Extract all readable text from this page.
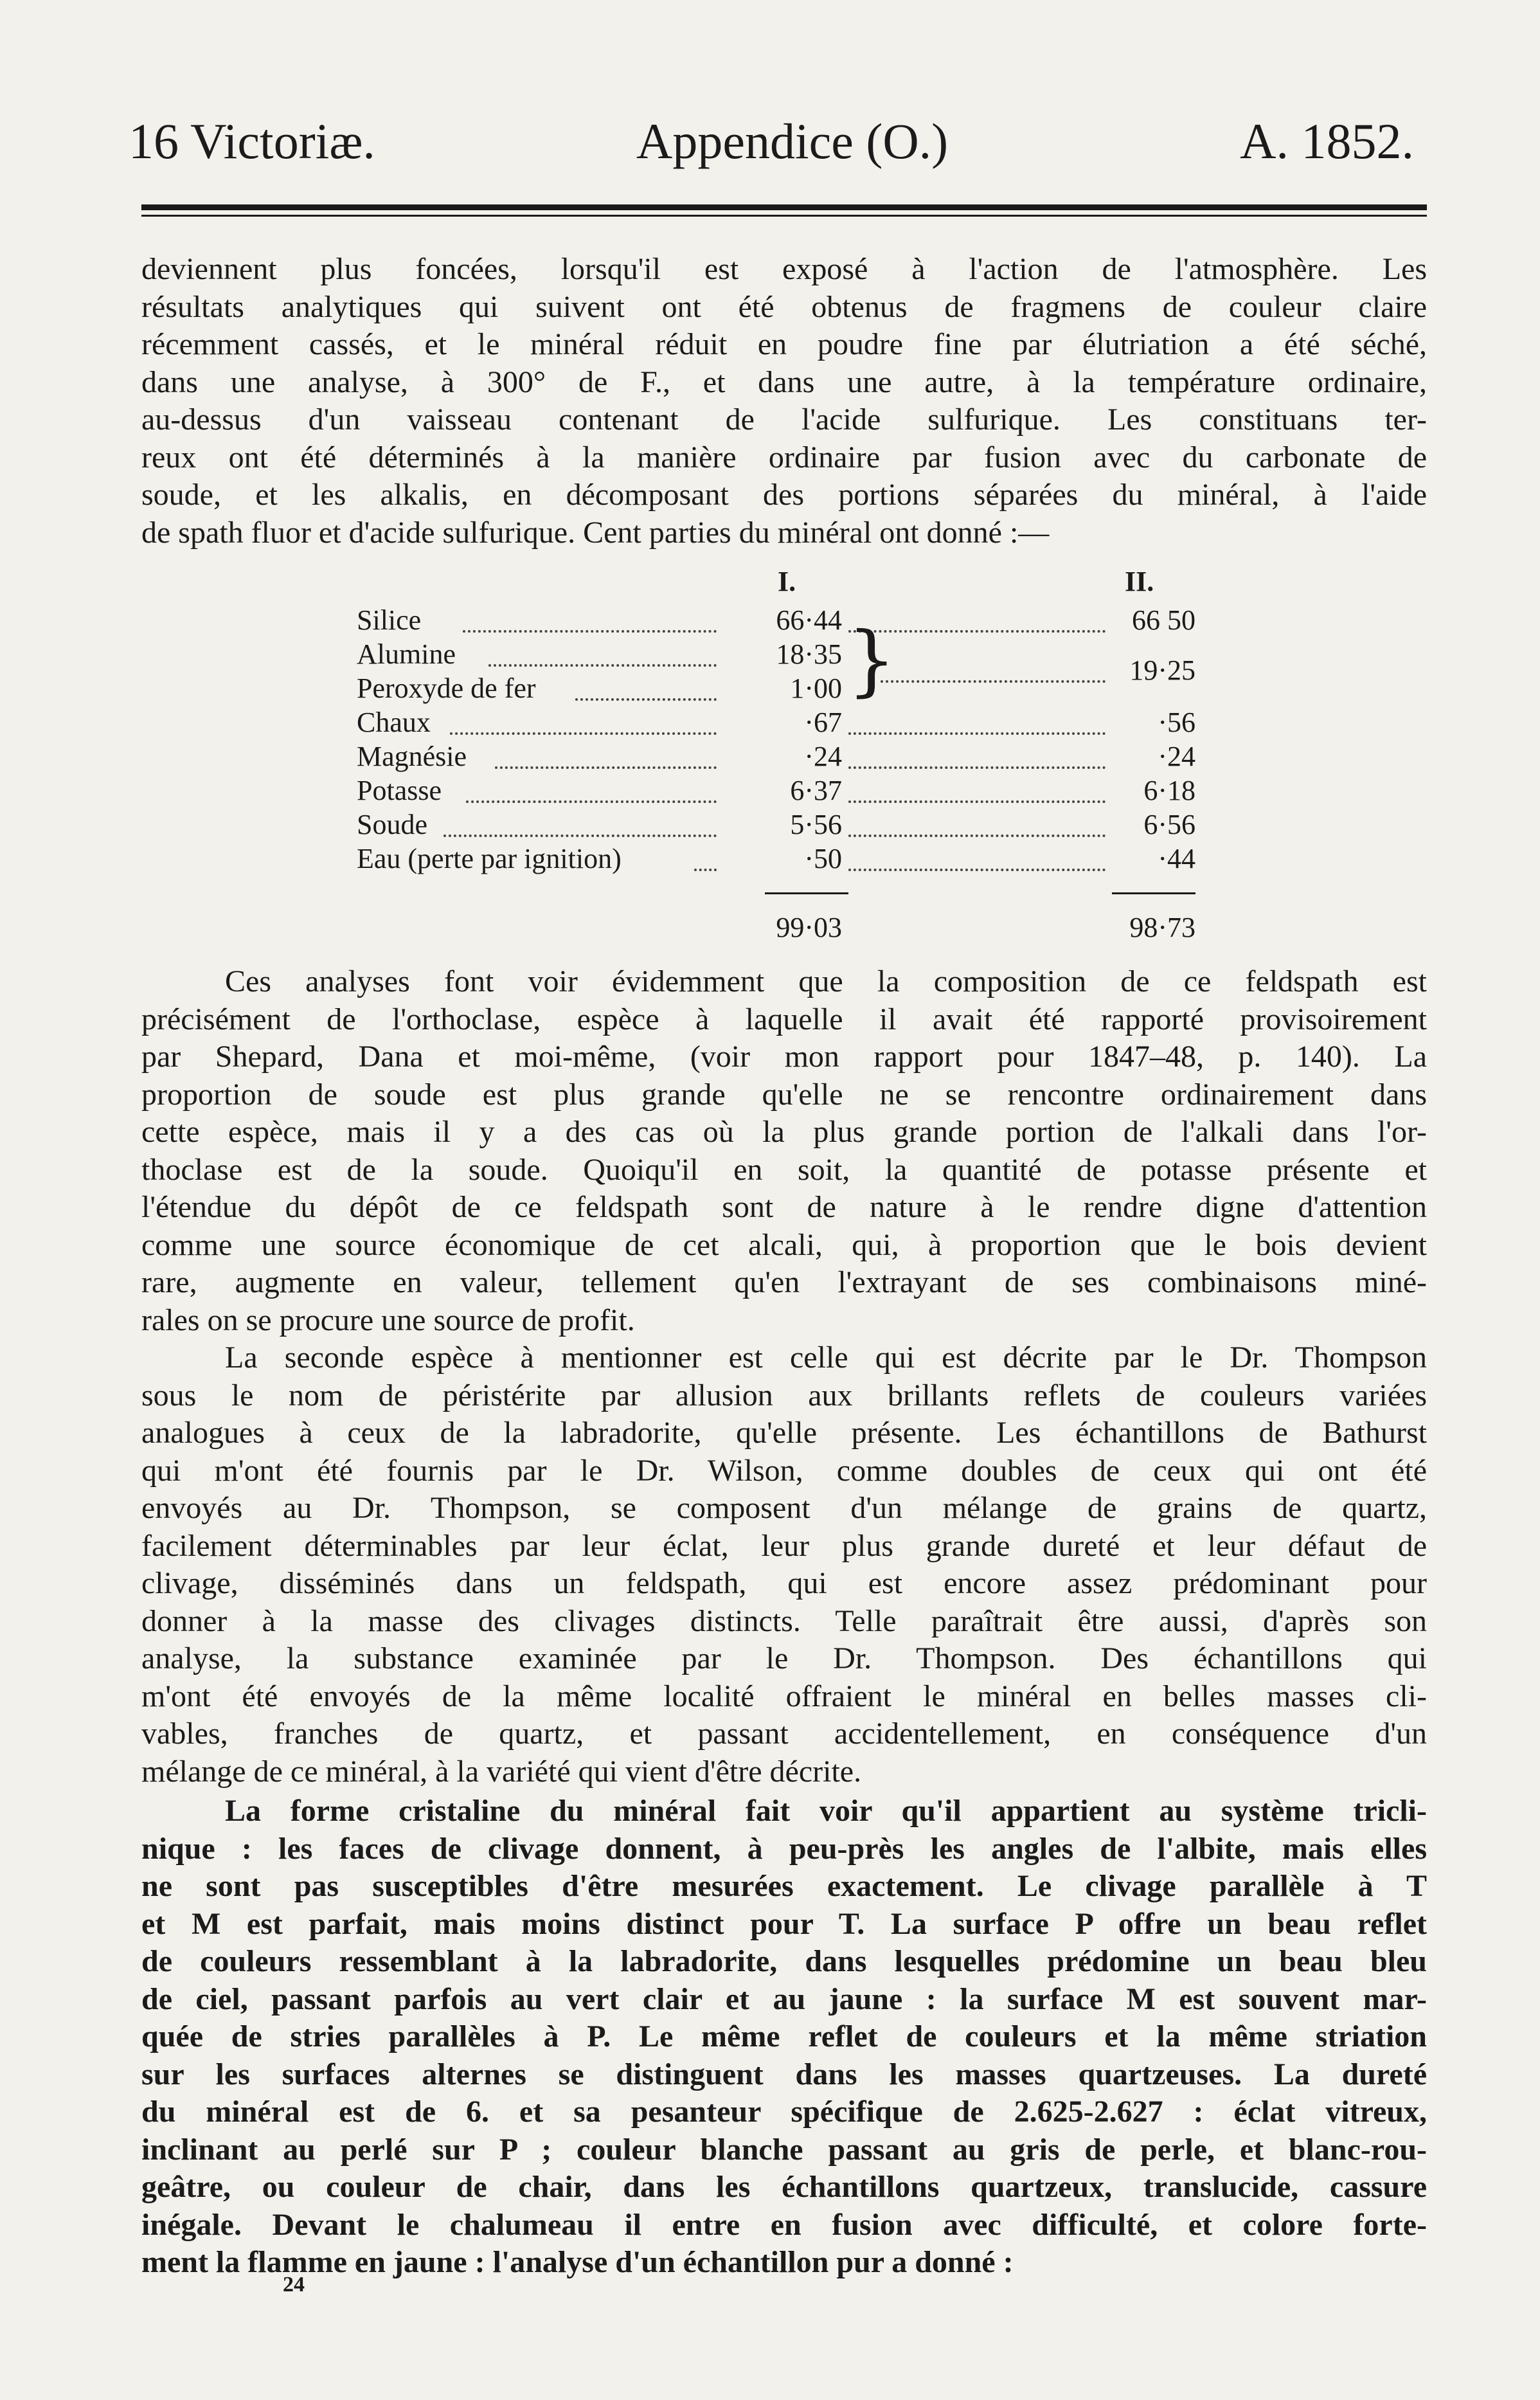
16 Victoriæ.	Appendice (O.)	A. 1852.
deviennent plus foncées, lorsqu'il est exposé à l'action de l'atmosphère. Les
résultats analytiques qui suivent ont été obtenus de fragmens de couleur claire
récemment cassés, et le minéral réduit en poudre fine par élutriation a été séché,
dans une analyse, à 300° de F., et dans une autre, à la température ordinaire,
au-dessus d'un vaisseau contenant de l'acide sulfurique. Les constituans ter-
reux ont été déterminés à la manière ordinaire par fusion avec du carbonate de
soude, et les alkalis, en décomposant des portions séparées du minéral, à l'aide
de spath fluor et d'acide sulfurique. Cent parties du minéral ont donné :—
I.	II.
Silice	66·44	66 50
Alumine	18·35
Peroxyde de fer	1·00 }	19·25
Chaux	·67	·56
Magnésie	·24	·24
Potasse	6·37	6·18
Soude	5·56	6·56
Eau (perte par ignition)	·50	·44
99·03	98·73
Ces analyses font voir évidemment que la composition de ce feldspath est
précisément de l'orthoclase, espèce à laquelle il avait été rapporté provisoirement
par Shepard, Dana et moi-même, (voir mon rapport pour 1847–48, p. 140). La
proportion de soude est plus grande qu'elle ne se rencontre ordinairement dans
cette espèce, mais il y a des cas où la plus grande portion de l'alkali dans l'or-
thoclase est de la soude. Quoiqu'il en soit, la quantité de potasse présente et
l'étendue du dépôt de ce feldspath sont de nature à le rendre digne d'attention
comme une source économique de cet alcali, qui, à proportion que le bois devient
rare, augmente en valeur, tellement qu'en l'extrayant de ses combinaisons miné-
rales on se procure une source de profit.
La seconde espèce à mentionner est celle qui est décrite par le Dr. Thompson
sous le nom de péristérite par allusion aux brillants reflets de couleurs variées
analogues à ceux de la labradorite, qu'elle présente. Les échantillons de Bathurst
qui m'ont été fournis par le Dr. Wilson, comme doubles de ceux qui ont été
envoyés au Dr. Thompson, se composent d'un mélange de grains de quartz,
facilement déterminables par leur éclat, leur plus grande dureté et leur défaut de
clivage, disséminés dans un feldspath, qui est encore assez prédominant pour
donner à la masse des clivages distincts. Telle paraîtrait être aussi, d'après son
analyse, la substance examinée par le Dr. Thompson. Des échantillons qui
m'ont été envoyés de la même localité offraient le minéral en belles masses cli-
vables, franches de quartz, et passant accidentellement, en conséquence d'un
mélange de ce minéral, à la variété qui vient d'être décrite.
La forme cristaline du minéral fait voir qu'il appartient au système tricli-
nique : les faces de clivage donnent, à peu-près les angles de l'albite, mais elles
ne sont pas susceptibles d'être mesurées exactement. Le clivage parallèle à T
et M est parfait, mais moins distinct pour T. La surface P offre un beau reflet
de couleurs ressemblant à la labradorite, dans lesquelles prédomine un beau bleu
de ciel, passant parfois au vert clair et au jaune : la surface M est souvent mar-
quée de stries parallèles à P. Le même reflet de couleurs et la même striation
sur les surfaces alternes se distinguent dans les masses quartzeuses. La dureté
du minéral est de 6. et sa pesanteur spécifique de 2.625-2.627 : éclat vitreux,
inclinant au perlé sur P ; couleur blanche passant au gris de perle, et blanc-rou-
geâtre, ou couleur de chair, dans les échantillons quartzeux, translucide, cassure
inégale. Devant le chalumeau il entre en fusion avec difficulté, et colore forte-
ment la flamme en jaune : l'analyse d'un échantillon pur a donné :
24
